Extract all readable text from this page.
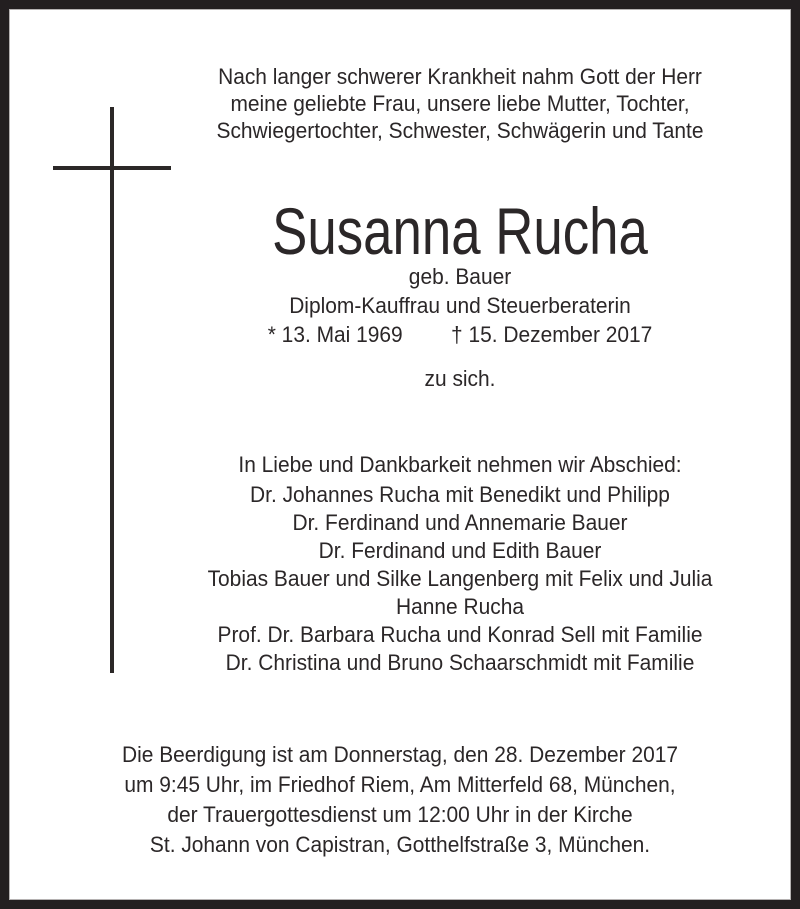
Nach langer schwerer Krankheit nahm Gott der Herr
meine geliebte Frau, unsere liebe Mutter, Tochter,
Schwiegertochter, Schwester, Schwägerin und Tante
Susanna Rucha
geb. Bauer
Diplom-Kauffrau und Steuerberaterin
* 13. Mai 1969 † 15. Dezember 2017
zu sich.
In Liebe und Dankbarkeit nehmen wir Abschied:
Dr. Johannes Rucha mit Benedikt und Philipp
Dr. Ferdinand und Annemarie Bauer
Dr. Ferdinand und Edith Bauer
Tobias Bauer und Silke Langenberg mit Felix und Julia
Hanne Rucha
Prof. Dr. Barbara Rucha und Konrad Sell mit Familie
Dr. Christina und Bruno Schaarschmidt mit Familie
Die Beerdigung ist am Donnerstag, den 28. Dezember 2017
um 9:45 Uhr, im Friedhof Riem, Am Mitterfeld 68, München,
der Trauergottesdienst um 12:00 Uhr in der Kirche
St. Johann von Capistran, Gotthelfstraße 3, München.
